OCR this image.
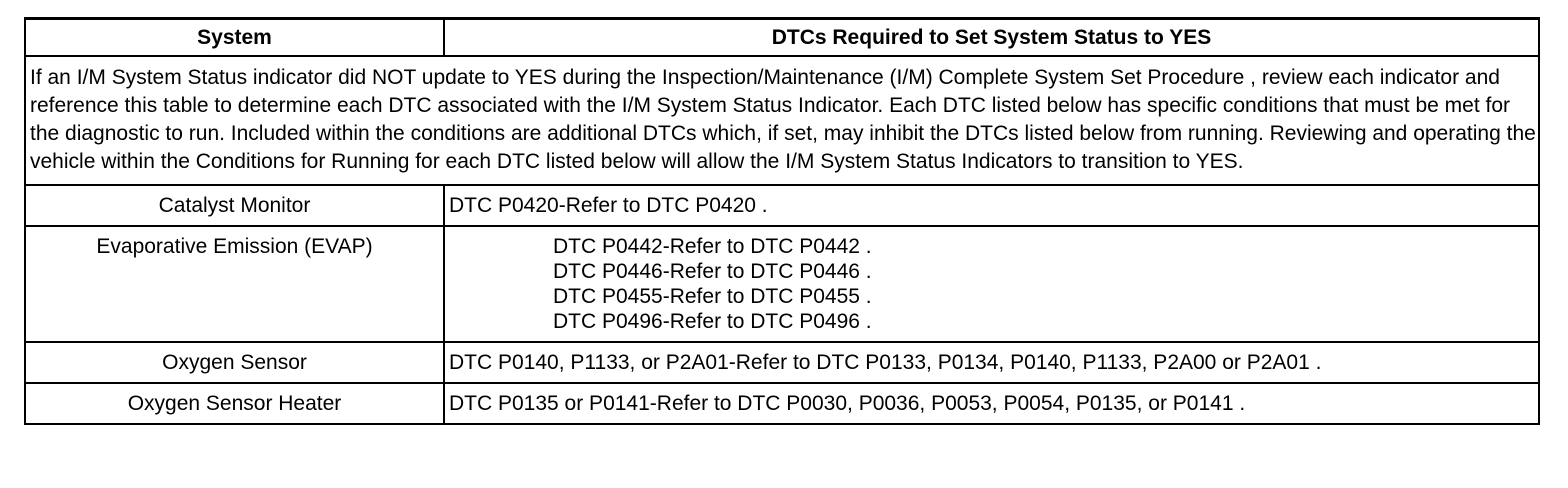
System	DTCs Required to Set System Status to YES
If an I/M System Status indicator did NOT update to YES during the Inspection/Maintenance (I/M) Complete System Set Procedure , review each indicator and reference this table to determine each DTC associated with the I/M System Status Indicator. Each DTC listed below has specific conditions that must be met for the diagnostic to run. Included within the conditions are additional DTCs which, if set, may inhibit the DTCs listed below from running. Reviewing and operating the vehicle within the Conditions for Running for each DTC listed below will allow the I/M System Status Indicators to transition to YES.	
Catalyst Monitor	DTC P0420-Refer to DTC P0420 .
Evaporative Emission (EVAP)	DTC P0442-Refer to DTC P0442 .
DTC P0446-Refer to DTC P0446 .
DTC P0455-Refer to DTC P0455 .
DTC P0496-Refer to DTC P0496 .

Oxygen Sensor	DTC P0140, P1133, or P2A01-Refer to DTC P0133, P0134, P0140, P1133, P2A00 or P2A01 .
Oxygen Sensor Heater	DTC P0135 or P0141-Refer to DTC P0030, P0036, P0053, P0054, P0135, or P0141 .
